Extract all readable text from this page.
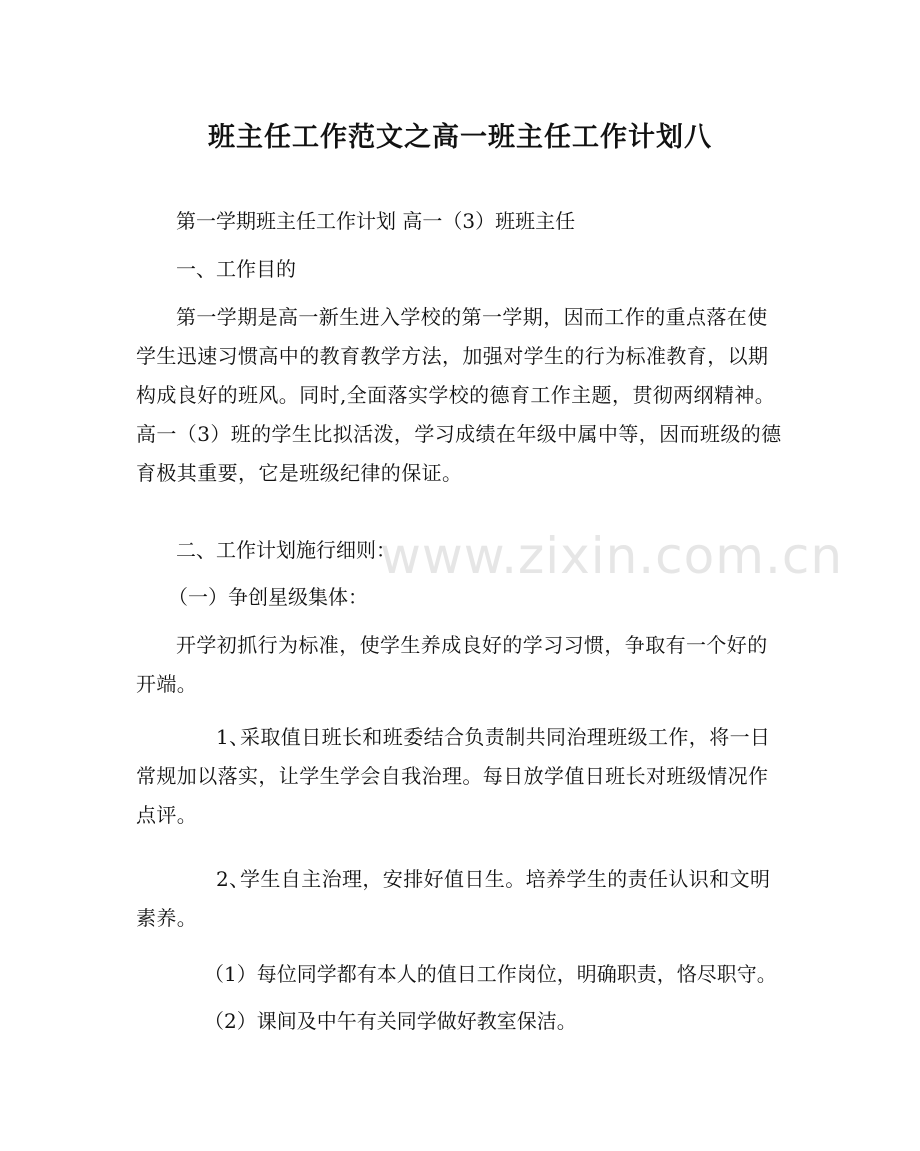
www.zixin.com.cn
班主任工作范文之高一班主任工作计划八
第一学期班主任工作计划 高一（3）班班主任
一、工作目的
第一学期是高一新生进入学校的第一学期，因而工作的重点落在使学生迅速习惯高中的教育教学方法，加强对学生的行为标准教育，以期构成良好的班风。同时,全面落实学校的德育工作主题，贯彻两纲精神。高一（3）班的学生比拟活泼，学习成绩在年级中属中等，因而班级的德育极其重要，它是班级纪律的保证。
二、工作计划施行细则：
（一）争创星级集体：
开学初抓行为标准，使学生养成良好的学习习惯，争取有一个好的开端。
1、采取值日班长和班委结合负责制共同治理班级工作，将一日常规加以落实，让学生学会自我治理。每日放学值日班长对班级情况作点评。
2、学生自主治理，安排好值日生。培养学生的责任认识和文明素养。
（1）每位同学都有本人的值日工作岗位，明确职责，恪尽职守。
（2）课间及中午有关同学做好教室保洁。
